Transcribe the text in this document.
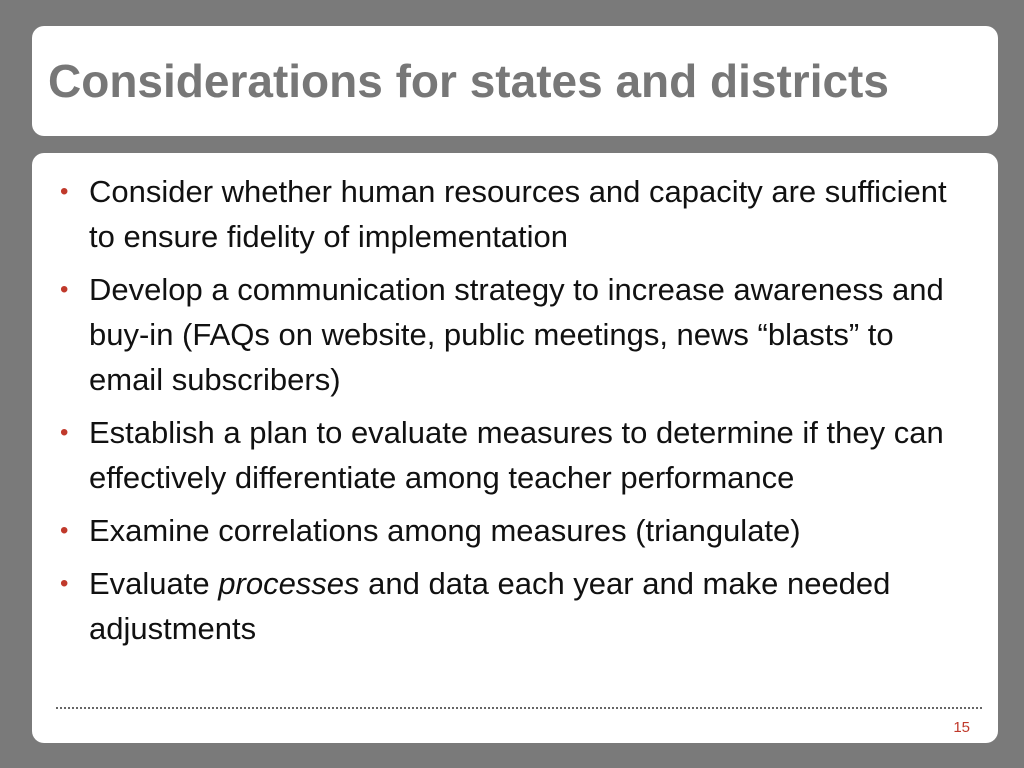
Considerations for states and districts
• Consider whether human resources and capacity are sufficient to ensure fidelity of implementation
• Develop a communication strategy to increase awareness and buy-in (FAQs on website, public meetings, news “blasts” to email subscribers)
• Establish a plan to evaluate measures to determine if they can effectively differentiate among teacher performance
• Examine correlations among measures (triangulate)
• Evaluate processes and data each year and make needed adjustments
15
